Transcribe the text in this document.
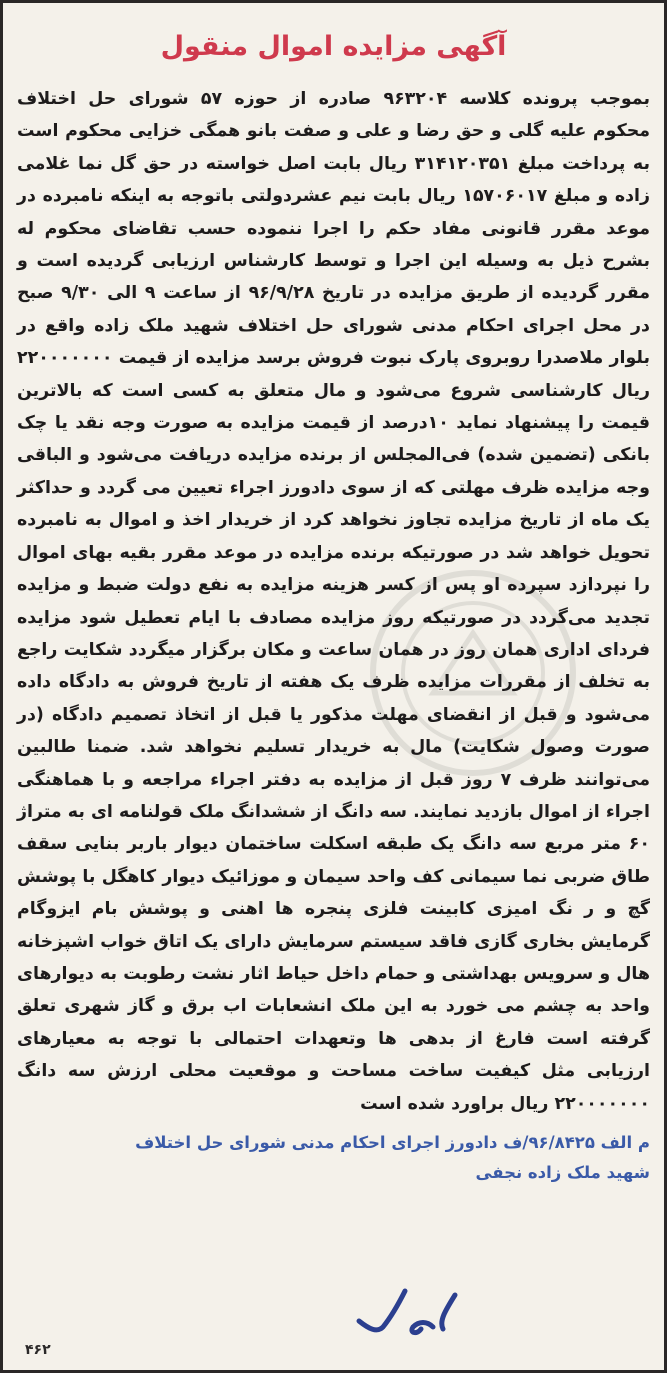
آگهی مزایده اموال منقول

بموجب پرونده کلاسه ۹۶۳۲۰۴ صادره از حوزه ۵۷ شورای حل اختلاف محکوم علیه گلی و حق رضا و علی و صفت بانو همگی خزایی محکوم است به پرداخت مبلغ ۳۱۴۱۲۰۳۵۱ ریال بابت اصل خواسته در حق گل نما غلامی زاده و مبلغ ۱۵۷۰۶۰۱۷ ریال بابت نیم عشردولتی باتوجه به اینکه نامبرده در موعد مقرر قانونی مفاد حکم را اجرا ننموده حسب تقاضای محکوم له بشرح ذیل به وسیله این اجرا و توسط کارشناس ارزیابی گردیده است و مقرر گردیده از طریق مزایده در تاریخ ۹۶/۹/۲۸ از ساعت ۹ الی ۹/۳۰ صبح در محل اجرای احکام مدنی شورای حل اختلاف شهید ملک زاده واقع در بلوار ملاصدرا روبروی پارک نبوت فروش برسد مزایده از قیمت ۲۲۰۰۰۰۰۰۰ ریال کارشناسی شروع می‌شود و مال متعلق به کسی است که بالاترین قیمت را پیشنهاد نماید ۱۰درصد از قیمت مزایده به صورت وجه نقد یا چک بانکی (تضمین شده) فی‌المجلس از برنده مزایده دریافت می‌شود و الباقی وجه مزایده ظرف مهلتی که از سوی دادورز اجراء تعیین می گردد و حداکثر یک ماه از تاریخ مزایده تجاوز نخواهد کرد از خریدار اخذ و اموال به نامبرده تحویل خواهد شد در صورتیکه برنده مزایده در موعد مقرر بقیه بهای اموال را نپردازد سپرده او پس از کسر هزینه مزایده به نفع دولت ضبط و مزایده تجدید می‌گردد در صورتیکه روز مزایده مصادف با ایام تعطیل شود مزایده فردای اداری همان روز در همان ساعت و مکان برگزار میگردد شکایت راجع به تخلف از مقررات مزایده ظرف یک هفته از تاریخ فروش به دادگاه داده می‌شود و قبل از انقضای مهلت مذکور یا قبل از اتخاذ تصمیم دادگاه (در صورت وصول شکایت) مال به خریدار تسلیم نخواهد شد. ضمنا طالبین می‌توانند ظرف ۷ روز قبل از مزایده به دفتر اجراء مراجعه و با هماهنگی اجراء از اموال بازدید نمایند. سه دانگ از ششدانگ ملک قولنامه ای به متراژ ۶۰ متر مربع سه دانگ یک طبقه اسکلت ساختمان دیوار باربر بنایی سقف طاق ضربی نما سیمانی کف واحد سیمان و موزائیک دیوار کاهگل با پوشش گچ و ر نگ امیزی کابینت فلزی پنجره ها اهنی و پوشش بام ایزوگام گرمایش بخاری گازی فاقد سیستم سرمایش دارای یک اتاق خواب اشپزخانه هال و سرویس بهداشتی و حمام داخل حیاط اثار نشت رطوبت به دیوارهای واحد به چشم می خورد به این ملک انشعابات اب برق و گاز شهری تعلق گرفته است فارغ از بدهی ها وتعهدات احتمالی با توجه به معیارهای ارزیابی مثل کیفیت ساخت مساحت و موقعیت محلی ارزش سه دانگ ۲۲۰۰۰۰۰۰۰ ریال براورد شده است

م الف ۹۶/۸۴۲۵/ف دادورز اجرای احکام مدنی شورای حل اختلاف
شهید ملک زاده نجفی
۴۶۲
